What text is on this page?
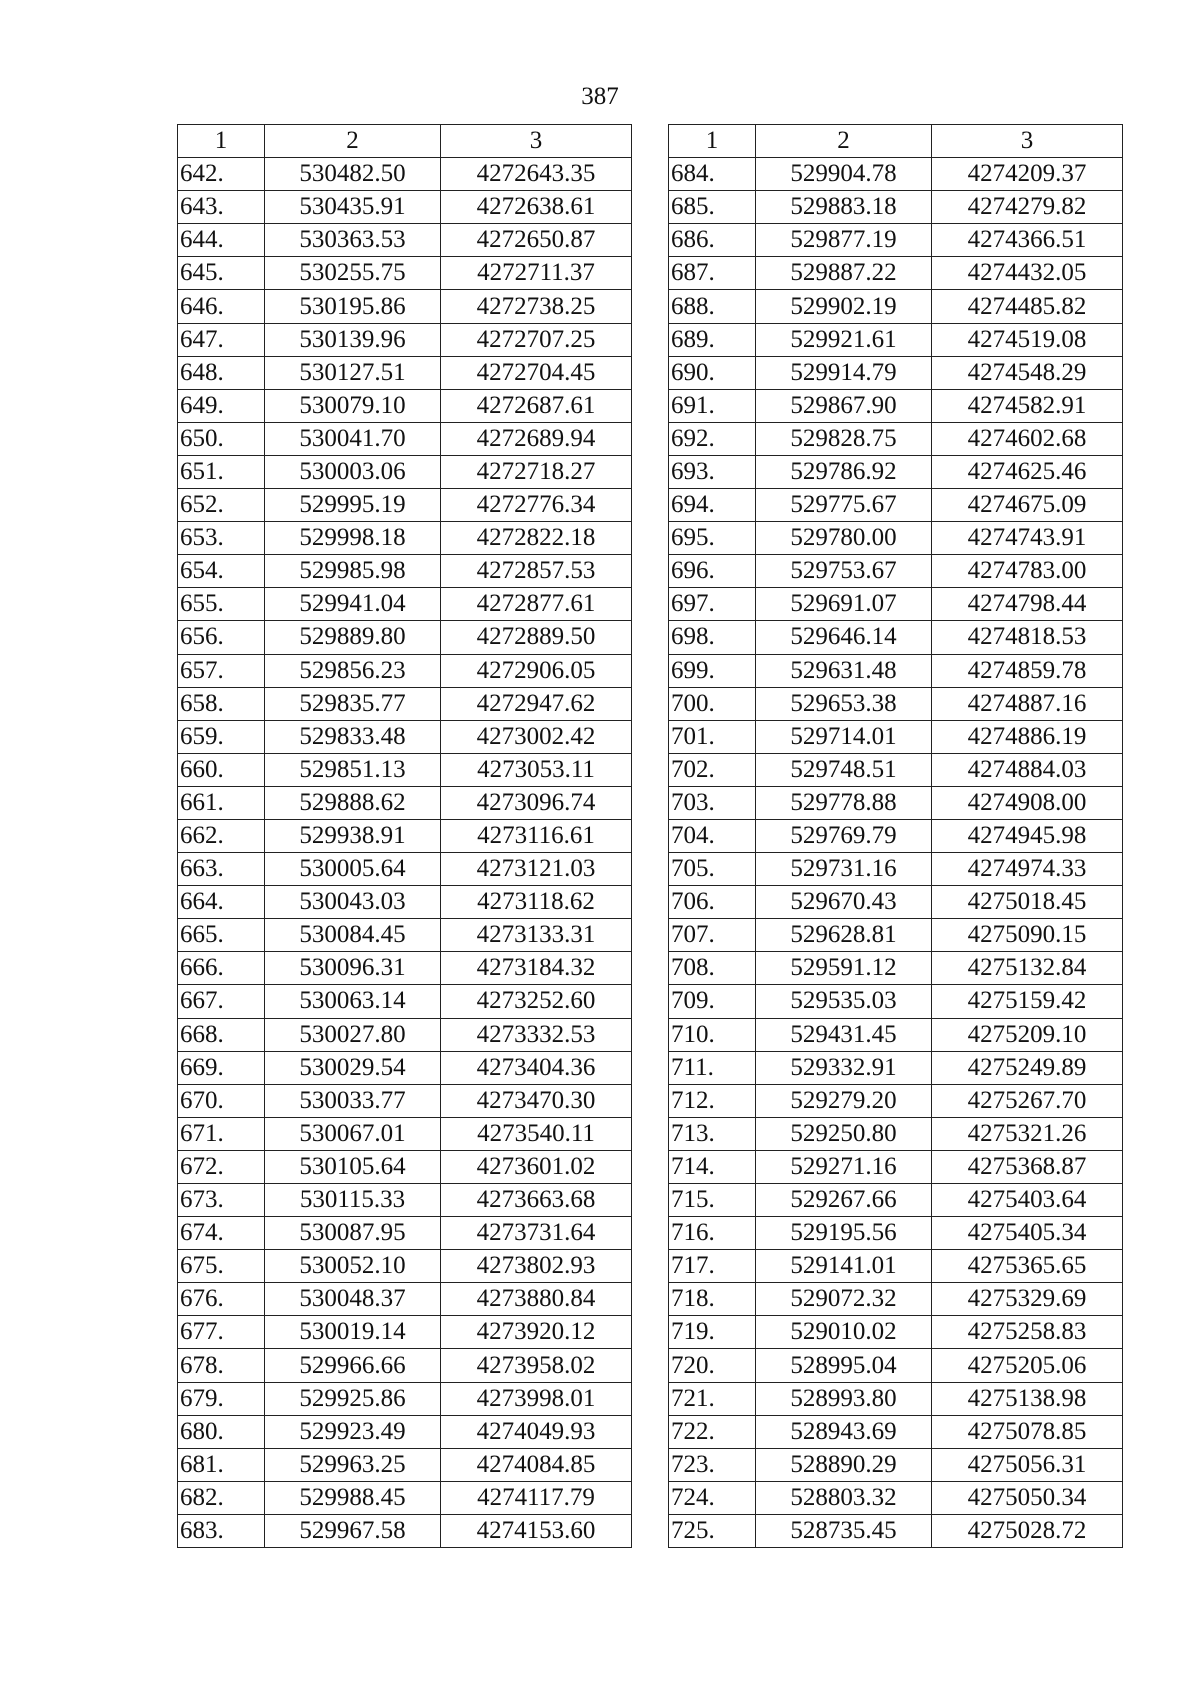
387
1	2	3
642.	530482.50	4272643.35
643.	530435.91	4272638.61
644.	530363.53	4272650.87
645.	530255.75	4272711.37
646.	530195.86	4272738.25
647.	530139.96	4272707.25
648.	530127.51	4272704.45
649.	530079.10	4272687.61
650.	530041.70	4272689.94
651.	530003.06	4272718.27
652.	529995.19	4272776.34
653.	529998.18	4272822.18
654.	529985.98	4272857.53
655.	529941.04	4272877.61
656.	529889.80	4272889.50
657.	529856.23	4272906.05
658.	529835.77	4272947.62
659.	529833.48	4273002.42
660.	529851.13	4273053.11
661.	529888.62	4273096.74
662.	529938.91	4273116.61
663.	530005.64	4273121.03
664.	530043.03	4273118.62
665.	530084.45	4273133.31
666.	530096.31	4273184.32
667.	530063.14	4273252.60
668.	530027.80	4273332.53
669.	530029.54	4273404.36
670.	530033.77	4273470.30
671.	530067.01	4273540.11
672.	530105.64	4273601.02
673.	530115.33	4273663.68
674.	530087.95	4273731.64
675.	530052.10	4273802.93
676.	530048.37	4273880.84
677.	530019.14	4273920.12
678.	529966.66	4273958.02
679.	529925.86	4273998.01
680.	529923.49	4274049.93
681.	529963.25	4274084.85
682.	529988.45	4274117.79
683.	529967.58	4274153.60
1	2	3
684.	529904.78	4274209.37
685.	529883.18	4274279.82
686.	529877.19	4274366.51
687.	529887.22	4274432.05
688.	529902.19	4274485.82
689.	529921.61	4274519.08
690.	529914.79	4274548.29
691.	529867.90	4274582.91
692.	529828.75	4274602.68
693.	529786.92	4274625.46
694.	529775.67	4274675.09
695.	529780.00	4274743.91
696.	529753.67	4274783.00
697.	529691.07	4274798.44
698.	529646.14	4274818.53
699.	529631.48	4274859.78
700.	529653.38	4274887.16
701.	529714.01	4274886.19
702.	529748.51	4274884.03
703.	529778.88	4274908.00
704.	529769.79	4274945.98
705.	529731.16	4274974.33
706.	529670.43	4275018.45
707.	529628.81	4275090.15
708.	529591.12	4275132.84
709.	529535.03	4275159.42
710.	529431.45	4275209.10
711.	529332.91	4275249.89
712.	529279.20	4275267.70
713.	529250.80	4275321.26
714.	529271.16	4275368.87
715.	529267.66	4275403.64
716.	529195.56	4275405.34
717.	529141.01	4275365.65
718.	529072.32	4275329.69
719.	529010.02	4275258.83
720.	528995.04	4275205.06
721.	528993.80	4275138.98
722.	528943.69	4275078.85
723.	528890.29	4275056.31
724.	528803.32	4275050.34
725.	528735.45	4275028.72
